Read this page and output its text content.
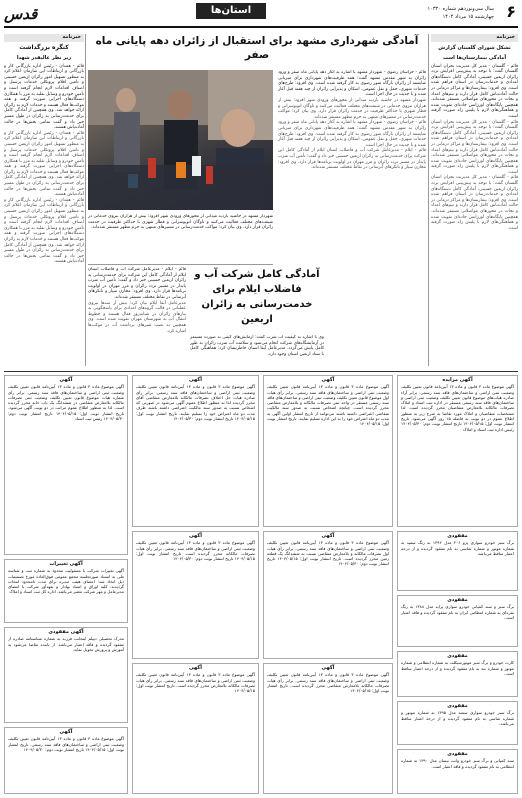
قدس	استان‌ها	سال سی‌ونوزدهم شماره ۱۰۳۲۰
چهارشنبه ۱۵ مرداد ۱۴۰۴ ۶
خبرنامه
کنگره بزرگداشت
زیر نظر عالیقدر شهدا
قائم - همدان - رئیس اداره بازرگانی کار و بازرگانی و ارتباطات این سازمان اعلام کرد به منظور تسهیل امور زائران اربعین حسینی و تامین اقلام پروتکلی خدمات پرسنل و اصناف اقدامات لازم انجام گرفته است و تأمین خودرو و وسایل نقلیه به مرز با همکاری دستگاه‌های اجرایی صورت گرفته و همه موکب‌ها فعال هستند و خدمات لازم به زائران ارائه خواهد شد. وی همچنین از آمادگی کامل برای خدمت‌رسانی به زائران در طول مسیر خبر داد و گفت تمامی بخش‌ها در حالت آماده‌باش هستند.
قائم - همدان - رئیس اداره بازرگانی کار و بازرگانی و ارتباطات این سازمان اعلام کرد به منظور تسهیل امور زائران اربعین حسینی و تامین اقلام پروتکلی خدمات پرسنل و اصناف اقدامات لازم انجام گرفته است و تأمین خودرو و وسایل نقلیه به مرز با همکاری دستگاه‌های اجرایی صورت گرفته و همه موکب‌ها فعال هستند و خدمات لازم به زائران ارائه خواهد شد. وی همچنین از آمادگی کامل برای خدمت‌رسانی به زائران در طول مسیر خبر داد و گفت تمامی بخش‌ها در حالت آماده‌باش هستند.
قائم - همدان - رئیس اداره بازرگانی کار و بازرگانی و ارتباطات این سازمان اعلام کرد به منظور تسهیل امور زائران اربعین حسینی و تامین اقلام پروتکلی خدمات پرسنل و اصناف اقدامات لازم انجام گرفته است و تأمین خودرو و وسایل نقلیه به مرز با همکاری دستگاه‌های اجرایی صورت گرفته و همه موکب‌ها فعال هستند و خدمات لازم به زائران ارائه خواهد شد. وی همچنین از آمادگی کامل برای خدمت‌رسانی به زائران در طول مسیر خبر داد و گفت تمامی بخش‌ها در حالت آماده‌باش هستند.
خبرنامه
تشکل شورای گلستان گزارش
آمادگی بیمارستان‌ها است
قائم - گلستان - مدیر کل مدیریت بحران استان گلستان گفت: با توجه به پیش‌بینی افزایش تردد زائران اربعین حسینی، آمادگی کامل دستگاه‌های امدادی و خدمات‌رسان در استان فراهم شده است. وی افزود: بیمارستان‌ها و مراکز درمانی در حالت آماده‌باش کامل قرار دارند و تیم‌های امداد و نجات در محورهای مواصلاتی مستقر شده‌اند. همچنین پایگاه‌های اورژانس جاده‌ای تقویت شده و هماهنگی‌های لازم با پلیس راه صورت گرفته است.
قائم - گلستان - مدیر کل مدیریت بحران استان گلستان گفت: با توجه به پیش‌بینی افزایش تردد زائران اربعین حسینی، آمادگی کامل دستگاه‌های امدادی و خدمات‌رسان در استان فراهم شده است. وی افزود: بیمارستان‌ها و مراکز درمانی در حالت آماده‌باش کامل قرار دارند و تیم‌های امداد و نجات در محورهای مواصلاتی مستقر شده‌اند. همچنین پایگاه‌های اورژانس جاده‌ای تقویت شده و هماهنگی‌های لازم با پلیس راه صورت گرفته است.
قائم - گلستان - مدیر کل مدیریت بحران استان گلستان گفت: با توجه به پیش‌بینی افزایش تردد زائران اربعین حسینی، آمادگی کامل دستگاه‌های امدادی و خدمات‌رسان در استان فراهم شده است. وی افزود: بیمارستان‌ها و مراکز درمانی در حالت آماده‌باش کامل قرار دارند و تیم‌های امداد و نجات در محورهای مواصلاتی مستقر شده‌اند. همچنین پایگاه‌های اورژانس جاده‌ای تقویت شده و هماهنگی‌های لازم با پلیس راه صورت گرفته است.
آمادگی شهرداری مشهد برای استقبال از زائران دهه پایانی ماه صفر
قائم - خراسان رضوی - شهردار مشهد با اشاره به آغاز دهه پایانی ماه صفر و ورود زائران به شهر مقدس مشهد گفت: همه ظرفیت‌های شهرداری برای میزبانی شایسته از زائران بارگاه منور رضوی به کار گرفته شده است. وی افزود: طرح‌های خدمات شهری، حمل و نقل عمومی، اسکان و پذیرایی زائران از چند هفته قبل آغاز شده و با جدیت در حال اجرا است.
شهردار مشهد در حاشیه بازدید میدانی از محورهای ورودی شهر افزود: بیش از هزاران نیروی خدماتی در شیفت‌های مختلف فعالیت می‌کنند و ناوگان اتوبوسرانی و قطار شهری با حداکثر ظرفیت در خدمت زائران قرار دارد. وی بیان کرد: مواکب خدمت‌رسانی در مسیرهای منتهی به حرم مطهر مستقر شده‌اند.
قائم - خراسان رضوی - شهردار مشهد با اشاره به آغاز دهه پایانی ماه صفر و ورود زائران به شهر مقدس مشهد گفت: همه ظرفیت‌های شهرداری برای میزبانی شایسته از زائران بارگاه منور رضوی به کار گرفته شده است. وی افزود: طرح‌های خدمات شهری، حمل و نقل عمومی، اسکان و پذیرایی زائران از چند هفته قبل آغاز شده و با جدیت در حال اجرا است.
قائم - ایلام - مدیرعامل شرکت آب و فاضلاب استان ایلام از آمادگی کامل این شرکت برای خدمت‌رسانی به زائران اربعین حسینی خبر داد و گفت: تأمین آب شرب پایدار در مسیر تردد زائران و مرز مهران در اولویت برنامه‌ها قرار دارد. وی افزود: مخازن سیار و تانکرهای آبرسانی در نقاط مختلف مستقر شده‌اند.
شهردار مشهد در حاشیه بازدید میدانی از محورهای ورودی شهر افزود: بیش از هزاران نیروی خدماتی در شیفت‌های مختلف فعالیت می‌کنند و ناوگان اتوبوسرانی و قطار شهری با حداکثر ظرفیت در خدمت زائران قرار دارد. وی بیان کرد: مواکب خدمت‌رسانی در مسیرهای منتهی به حرم مطهر مستقر شده‌اند.
آمادگی کامل شرکت آب و فاضلاب ایلام برای خدمت‌رسانی به زائران اربعین
قائم - ایلام - مدیرعامل شرکت آب و فاضلاب استان ایلام از آمادگی کامل این شرکت برای خدمت‌رسانی به زائران اربعین حسینی خبر داد و گفت: تأمین آب شرب پایدار در مسیر تردد زائران و مرز مهران در اولویت برنامه‌ها قرار دارد. وی افزود: مخازن سیار و تانکرهای آبرسانی در نقاط مختلف مستقر شده‌اند.
مدیرعامل آبفا ایلام بیان کرد: بیش از صدها نیروی عملیاتی در قالب گروه‌های امدادی برای پاسخگویی به نیازهای زائران در شبانه‌روز فعال هستند و خطوط انتقال آب به شهرستان مهران تقویت شده است. وی همچنین به نصب شیرهای برداشت آب در موکب‌ها اشاره کرد.
وی با اشاره به کیفیت آب شرب گفت: آزمایش‌های کیفی به صورت مستمر در آزمایشگاه‌های شرکت انجام می‌شود و سلامت آب شرب زائران به طور کامل پایش می‌گردد. مدیرعامل آبفا استان خاطرنشان کرد: هماهنگی کامل با ستاد اربعین استان وجود دارد.
آگهی مزایده
آگهی موضوع ماده ۳ قانون و ماده ۱۳ آیین‌نامه قانون تعیین تکلیف وضعیت ثبتی اراضی و ساختمان‌های فاقد سند رسمی. برابر آراء صادره هیات‌های موضوع قانون تعیین تکلیف وضعیت ثبتی اراضی و ساختمان‌های فاقد سند رسمی مستقر در اداره ثبت اسناد و املاک تصرفات مالکانه بلامعارض متقاضیان محرز گردیده است. لذا مشخصات متقاضیان و املاک مورد تقاضا به شرح زیر به منظور اطلاع عموم در دو نوبت به فاصله ۱۵ روز آگهی می‌شود. تاریخ انتشار نوبت اول: ۱۴۰۴/۰۵/۱۵ تاریخ انتشار نوبت دوم: ۱۴۰۴/۰۵/۳۰ رئیس اداره ثبت اسناد و املاک
آگهی
آگهی موضوع ماده ۳ قانون و ماده ۱۳ آیین‌نامه قانون تعیین تکلیف وضعیت ثبتی اراضی و ساختمان‌های فاقد سند رسمی. برابر رأی هیات اول موضوع قانون تعیین تکلیف وضعیت ثبتی اراضی و ساختمان‌های فاقد سند رسمی مستقر در واحد ثبتی تصرفات مالکانه و بلامعارض متقاضی محرز گردیده است. چنانچه اشخاص نسبت به صدور سند مالکیت متقاضی اعتراضی داشته باشند می‌توانند از تاریخ انتشار اولین آگهی به مدت دو ماه اعتراض خود را به این اداره تسلیم نمایند. تاریخ انتشار نوبت اول: ۱۴۰۴/۰۵/۱۵
آگهی
آگهی موضوع ماده ۳ قانون و ماده ۱۳ آیین‌نامه قانون تعیین تکلیف وضعیت ثبتی اراضی و ساختمان‌های فاقد سند رسمی. برابر رأی صادره هیات حل اختلاف تصرفات مالکانه بلامعارض متقاضی آقای محرز گردیده لذا به منظور اطلاع عموم آگهی می‌شود در صورتی که اشخاص نسبت به صدور سند مالکیت اعتراضی داشته باشند ظرف مدت دو ماه اعتراض خود را تسلیم نمایند. تاریخ انتشار نوبت اول: ۱۴۰۴/۰۵/۱۵ تاریخ انتشار نوبت دوم: ۱۴۰۴/۰۵/۳۰
آگهی
آگهی موضوع ماده ۳ قانون و ماده ۱۳ آیین‌نامه قانون تعیین تکلیف وضعیت ثبتی اراضی و ساختمان‌های فاقد سند رسمی. برابر رأی شماره هیات موضوع قانون تعیین تکلیف وضعیت ثبتی تصرفات مالکانه بلامعارض متقاضی در ششدانگ یک باب خانه محرز گردیده است. لذا به منظور اطلاع عموم مراتب در دو نوبت آگهی می‌شود. تاریخ انتشار نوبت اول: ۱۴۰۴/۰۵/۱۵ تاریخ انتشار نوبت دوم: ۱۴۰۴/۰۵/۳۰ رئیس ثبت اسناد
مفقودی
برگ سبز خودرو سواری پژو ۲۰۶ مدل ۱۳۹۲ به رنگ سفید به شماره موتور و شماره شاسی به نام مفقود گردیده و از درجه اعتبار ساقط می‌باشد.
مفقودی
برگ سبز و سند کمپانی خودرو سواری پراید مدل ۱۳۸۸ به رنگ نقره‌ای به شماره انتظامی ایران به نام مفقود گردیده و فاقد اعتبار است.
مفقودی
کارت خودرو و برگ سبز موتورسیکلت به شماره انتظامی و شماره موتور و شماره تنه به نام مفقود گردیده و از درجه اعتبار ساقط است.
مفقودی
برگ سبز خودرو سواری سمند مدل ۱۳۹۵ به شماره موتور و شماره شاسی به نام مفقود گردیده و از درجه اعتبار ساقط می‌باشد.
مفقودی
سند کمپانی و برگ سبز خودرو وانت نیسان مدل ۱۳۹۰ به شماره انتظامی به نام مفقود گردیده و فاقد اعتبار است.
آگهی
آگهی موضوع ماده ۳ قانون و ماده ۱۳ آیین‌نامه قانون تعیین تکلیف وضعیت ثبتی اراضی و ساختمان‌های فاقد سند رسمی. برابر رأی هیات اول تصرفات مالکانه و بلامعارض متقاضی نسبت به ششدانگ یک قطعه زمین محرز گردیده است. تاریخ انتشار نوبت اول: ۱۴۰۴/۰۵/۱۵ تاریخ انتشار نوبت دوم: ۱۴۰۴/۰۵/۳۰
آگهی
آگهی موضوع ماده ۳ قانون و ماده ۱۳ آیین‌نامه قانون تعیین تکلیف وضعیت ثبتی اراضی و ساختمان‌های فاقد سند رسمی. برابر رأی هیات تصرفات مالکانه بلامعارض متقاضی محرز گردیده است. تاریخ انتشار نوبت اول: ۱۴۰۴/۰۵/۱۵
آگهی
آگهی موضوع ماده ۳ قانون و ماده ۱۳ آیین‌نامه قانون تعیین تکلیف وضعیت ثبتی اراضی و ساختمان‌های فاقد سند رسمی. برابر رأی هیات تصرفات مالکانه محرز گردیده است. تاریخ انتشار نوبت اول: ۱۴۰۴/۰۵/۱۵ تاریخ انتشار نوبت دوم: ۱۴۰۴/۰۵/۳۰
آگهی
آگهی موضوع ماده ۳ قانون و ماده ۱۳ آیین‌نامه قانون تعیین تکلیف وضعیت ثبتی اراضی و ساختمان‌های فاقد سند رسمی. برابر رأی هیات تصرفات مالکانه بلامعارض محرز گردیده است. تاریخ انتشار نوبت اول: ۱۴۰۴/۰۵/۱۵
آگهی تغییرات
آگهی تغییرات شرکت با مسئولیت محدود به شماره ثبت و شناسه ملی به استناد صورتجلسه مجمع عمومی فوق‌العاده مورخ تصمیمات ذیل اتخاذ شد: اعضای هیئت مدیره برای مدت نامحدود انتخاب گردیدند. کلیه اوراق و اسناد بهادار و تعهدآور شرکت با امضای مدیرعامل و مهر شرکت معتبر می‌باشد. اداره کل ثبت اسناد و املاک
آگهی مفقودی
مدرک تحصیلی دیپلم اینجانب فرزند به شماره شناسنامه صادره از مفقود گردیده و فاقد اعتبار می‌باشد. از یابنده تقاضا می‌شود به آموزش و پرورش تحویل نماید.
آگهی
آگهی موضوع ماده ۳ قانون و ماده ۱۳ آیین‌نامه قانون تعیین تکلیف وضعیت ثبتی اراضی و ساختمان‌های فاقد سند رسمی. تاریخ انتشار نوبت اول: ۱۴۰۴/۰۵/۱۵ تاریخ انتشار نوبت دوم: ۱۴۰۴/۰۵/۳۰
